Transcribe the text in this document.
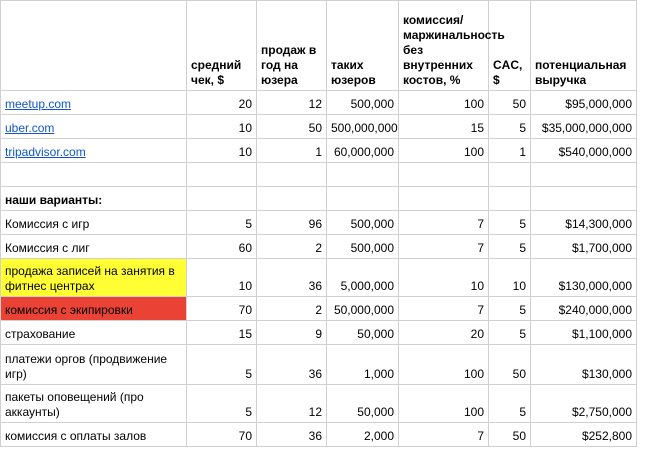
	средний чек, $	продаж в год на юзера	таких юзеров	комиссия/маржинальность без внутренних костов, %	CAC, $	потенциальная выручка
meetup.com	20	12	500,000	100	50	$95,000,000
uber.com	10	50	500,000,000	15	5	$35,000,000,000
tripadvisor.com	10	1	60,000,000	100	1	$540,000,000

наши варианты:						
Комиссия с игр	5	96	500,000	7	5	$14,300,000
Комиссия с лиг	60	2	500,000	7	5	$1,700,000
продажа записей на занятия в фитнес центрах	10	36	5,000,000	10	10	$130,000,000
комиссия с экипировки	70	2	50,000,000	7	5	$240,000,000
страхование	15	9	50,000	20	5	$1,100,000
платежи оргов (продвижение игр)	5	36	1,000	100	50	$130,000
пакеты оповещений (про аккаунты)	5	12	50,000	100	5	$2,750,000
комиссия с оплаты залов	70	36	2,000	7	50	$252,800
